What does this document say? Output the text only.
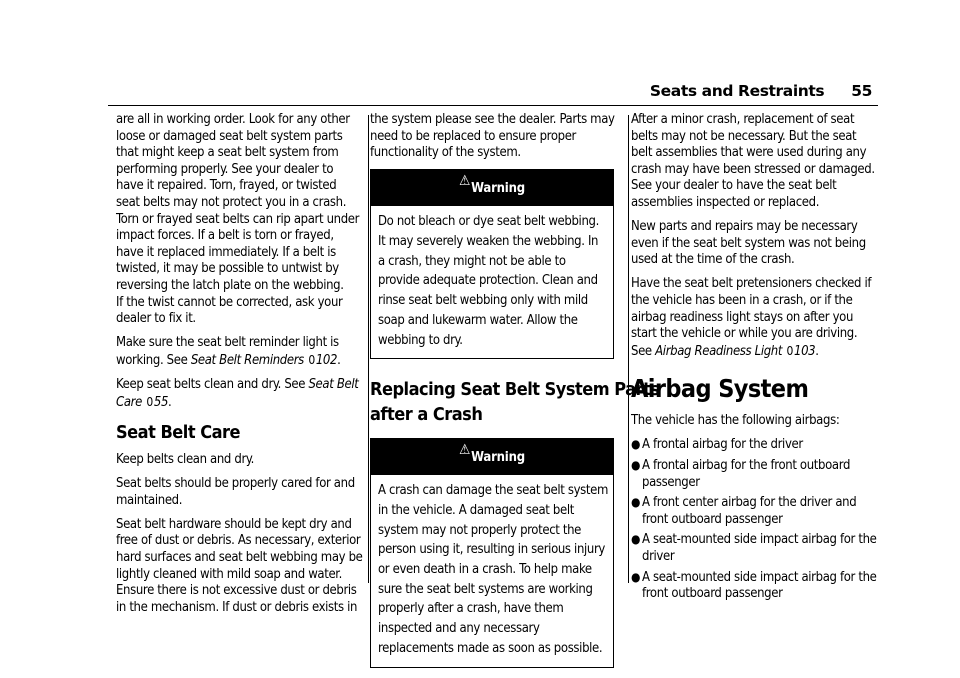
Seats and Restraints 55

are all in working order. Look for any other
loose or damaged seat belt system parts
that might keep a seat belt system from
performing properly. See your dealer to
have it repaired. Torn, frayed, or twisted
seat belts may not protect you in a crash.
Torn or frayed seat belts can rip apart under
impact forces. If a belt is torn or frayed,
have it replaced immediately. If a belt is
twisted, it may be possible to untwist by
reversing the latch plate on the webbing.
If the twist cannot be corrected, ask your
dealer to fix it.

Make sure the seat belt reminder light is
working. See Seat Belt Reminders 0102.

Keep seat belts clean and dry. See Seat Belt
Care 055.

Seat Belt Care

Keep belts clean and dry.

Seat belts should be properly cared for and
maintained.

Seat belt hardware should be kept dry and
free of dust or debris. As necessary, exterior
hard surfaces and seat belt webbing may be
lightly cleaned with mild soap and water.
Ensure there is not excessive dust or debris
in the mechanism. If dust or debris exists in

the system please see the dealer. Parts may
need to be replaced to ensure proper
functionality of the system.

⚠Warning
Do not bleach or dye seat belt webbing.
It may severely weaken the webbing. In
a crash, they might not be able to
provide adequate protection. Clean and
rinse seat belt webbing only with mild
soap and lukewarm water. Allow the
webbing to dry.
Replacing Seat Belt System Parts
after a Crash
⚠Warning
A crash can damage the seat belt system
in the vehicle. A damaged seat belt
system may not properly protect the
person using it, resulting in serious injury
or even death in a crash. To help make
sure the seat belt systems are working
properly after a crash, have them
inspected and any necessary
replacements made as soon as possible.

After a minor crash, replacement of seat
belts may not be necessary. But the seat
belt assemblies that were used during any
crash may have been stressed or damaged.
See your dealer to have the seat belt
assemblies inspected or replaced.

New parts and repairs may be necessary
even if the seat belt system was not being
used at the time of the crash.

Have the seat belt pretensioners checked if
the vehicle has been in a crash, or if the
airbag readiness light stays on after you
start the vehicle or while you are driving.
See Airbag Readiness Light 0103.

Airbag System

The vehicle has the following airbags:

● A frontal airbag for the driver
● A frontal airbag for the front outboard
passenger
● A front center airbag for the driver and
front outboard passenger
● A seat-mounted side impact airbag for the
driver
● A seat-mounted side impact airbag for the
front outboard passenger
